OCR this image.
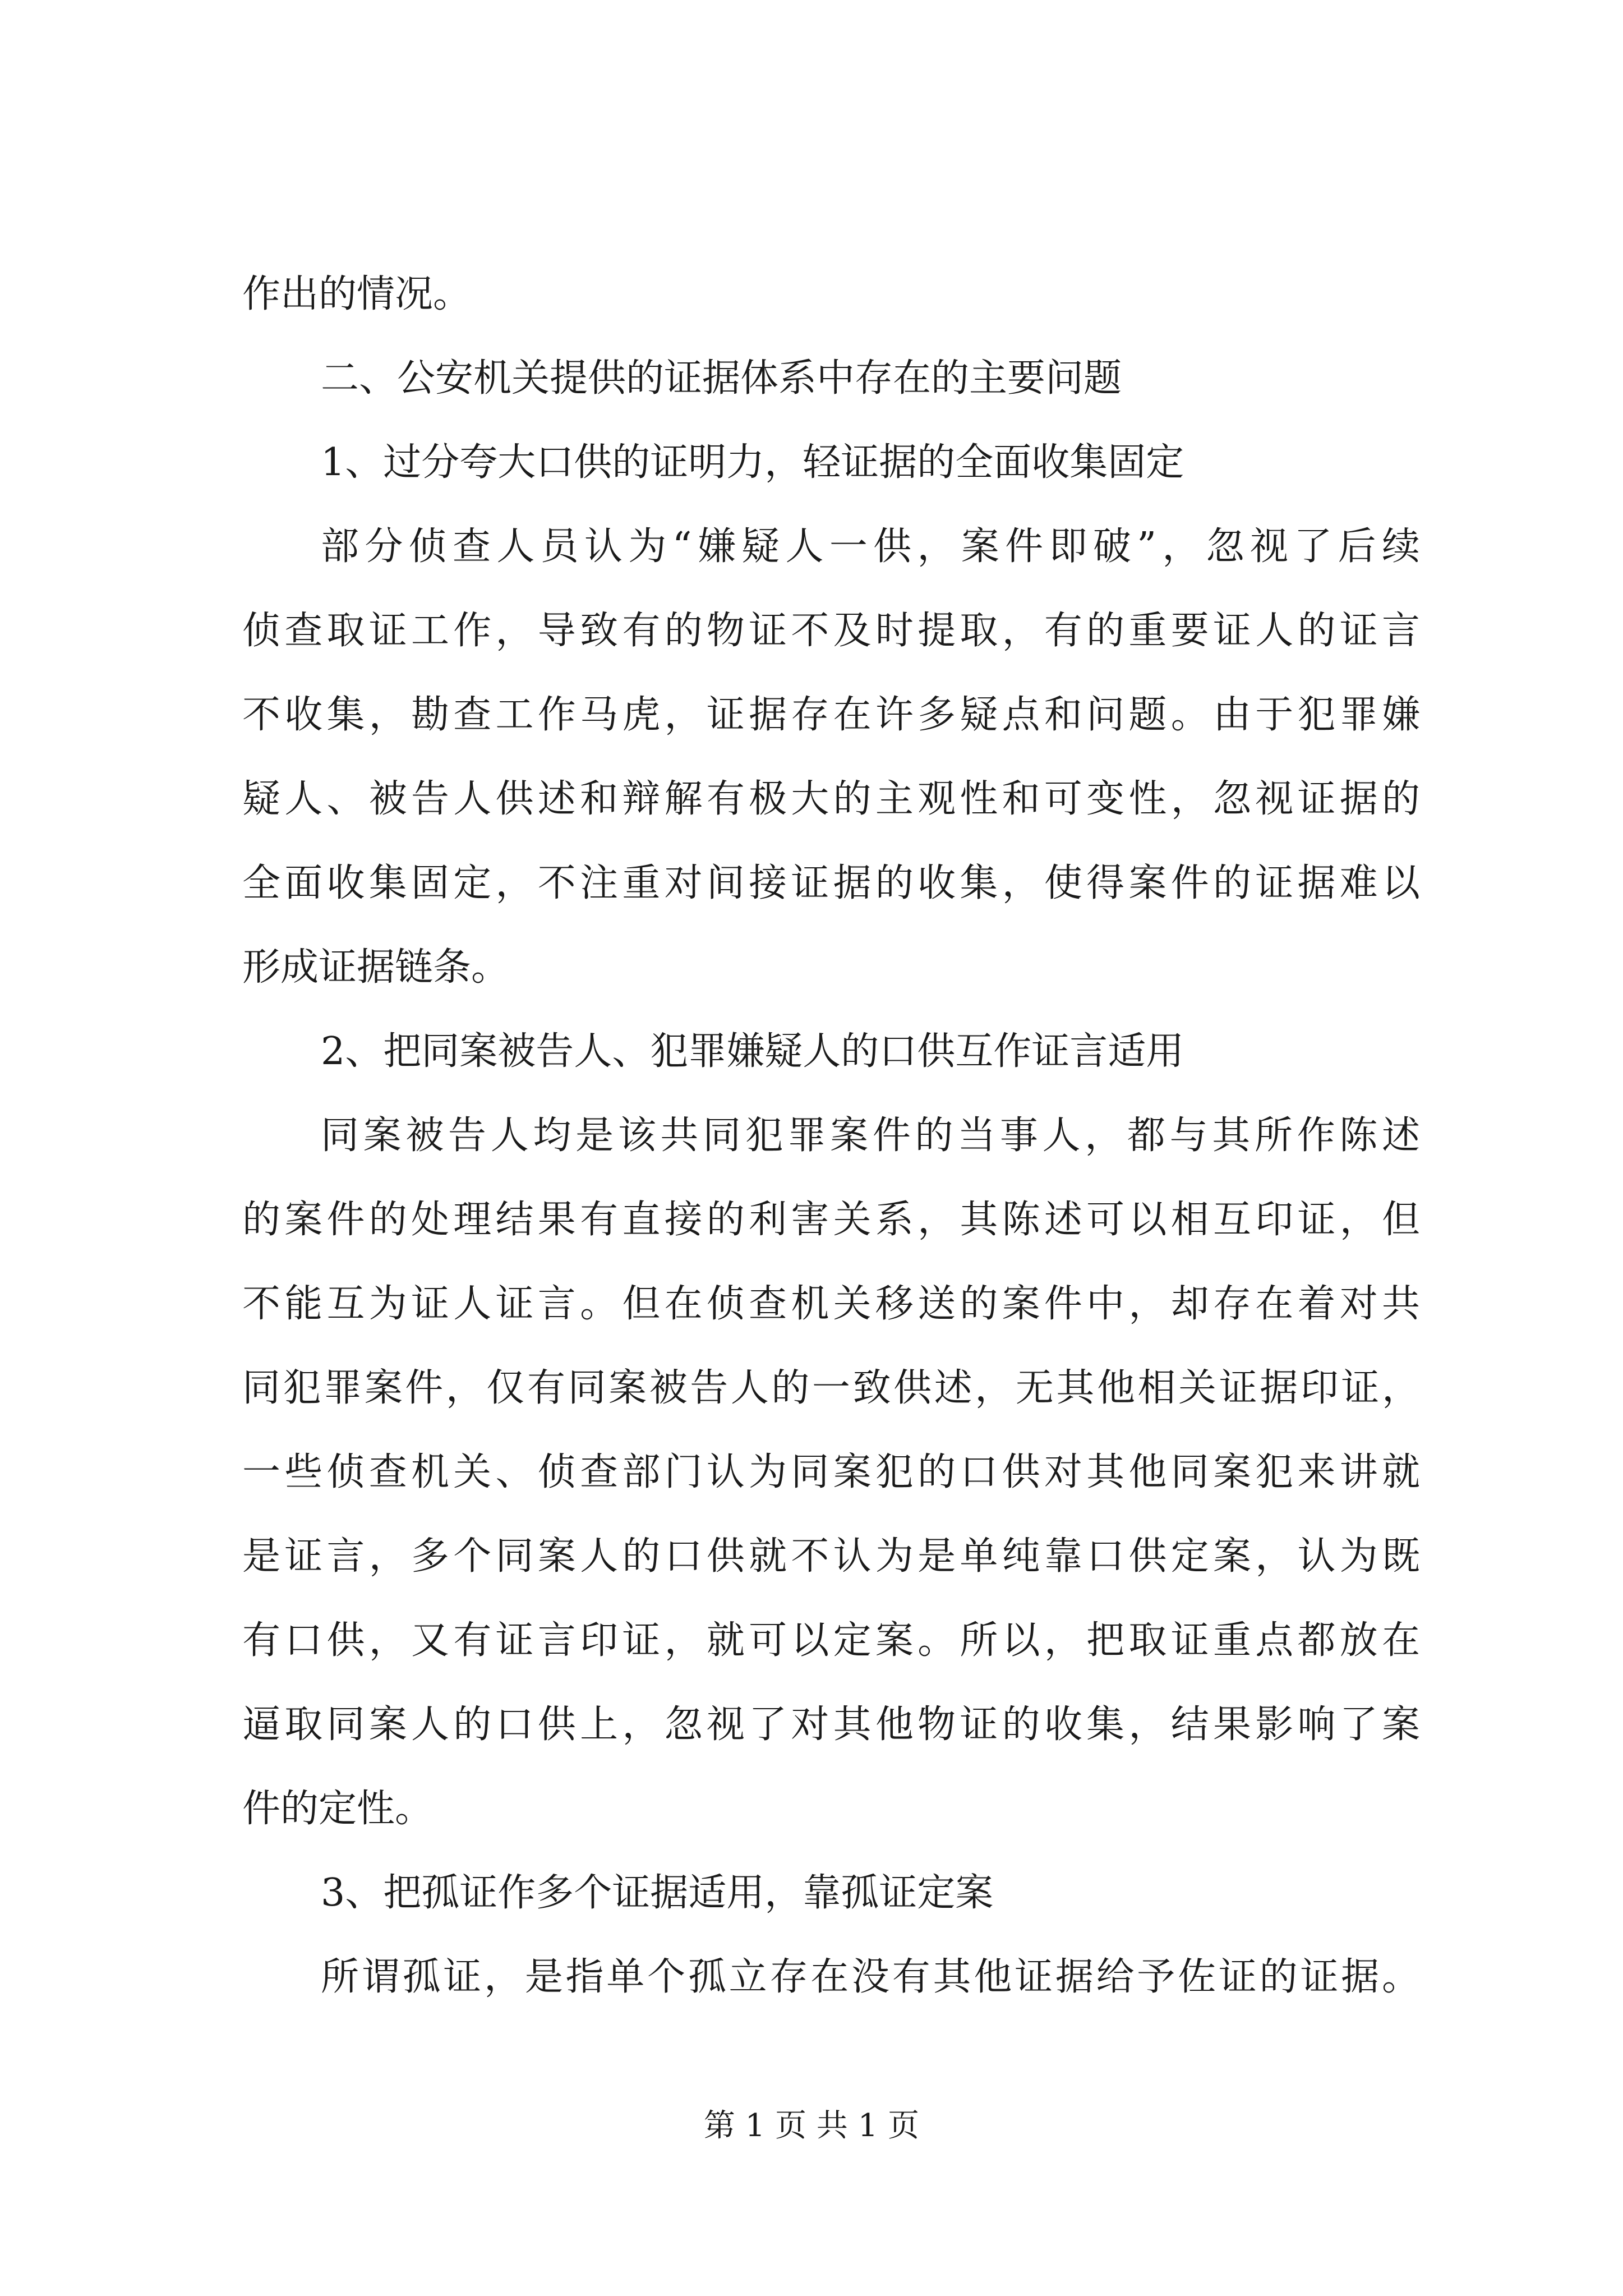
作出的情况。
二、公安机关提供的证据体系中存在的主要问题
1、过分夸大口供的证明力，轻证据的全面收集固定
部分侦查人员认为“嫌疑人一供，案件即破”，忽视了后续
侦查取证工作，导致有的物证不及时提取，有的重要证人的证言
不收集，勘查工作马虎，证据存在许多疑点和问题。由于犯罪嫌
疑人、被告人供述和辩解有极大的主观性和可变性，忽视证据的
全面收集固定，不注重对间接证据的收集，使得案件的证据难以
形成证据链条。
2、把同案被告人、犯罪嫌疑人的口供互作证言适用
同案被告人均是该共同犯罪案件的当事人，都与其所作陈述
的案件的处理结果有直接的利害关系，其陈述可以相互印证，但
不能互为证人证言。但在侦查机关移送的案件中，却存在着对共
同犯罪案件，仅有同案被告人的一致供述，无其他相关证据印证，
一些侦查机关、侦查部门认为同案犯的口供对其他同案犯来讲就
是证言，多个同案人的口供就不认为是单纯靠口供定案，认为既
有口供，又有证言印证，就可以定案。所以，把取证重点都放在
逼取同案人的口供上，忽视了对其他物证的收集，结果影响了案
件的定性。
3、把孤证作多个证据适用，靠孤证定案
所谓孤证，是指单个孤立存在没有其他证据给予佐证的证据。
第 1 页 共 1 页
